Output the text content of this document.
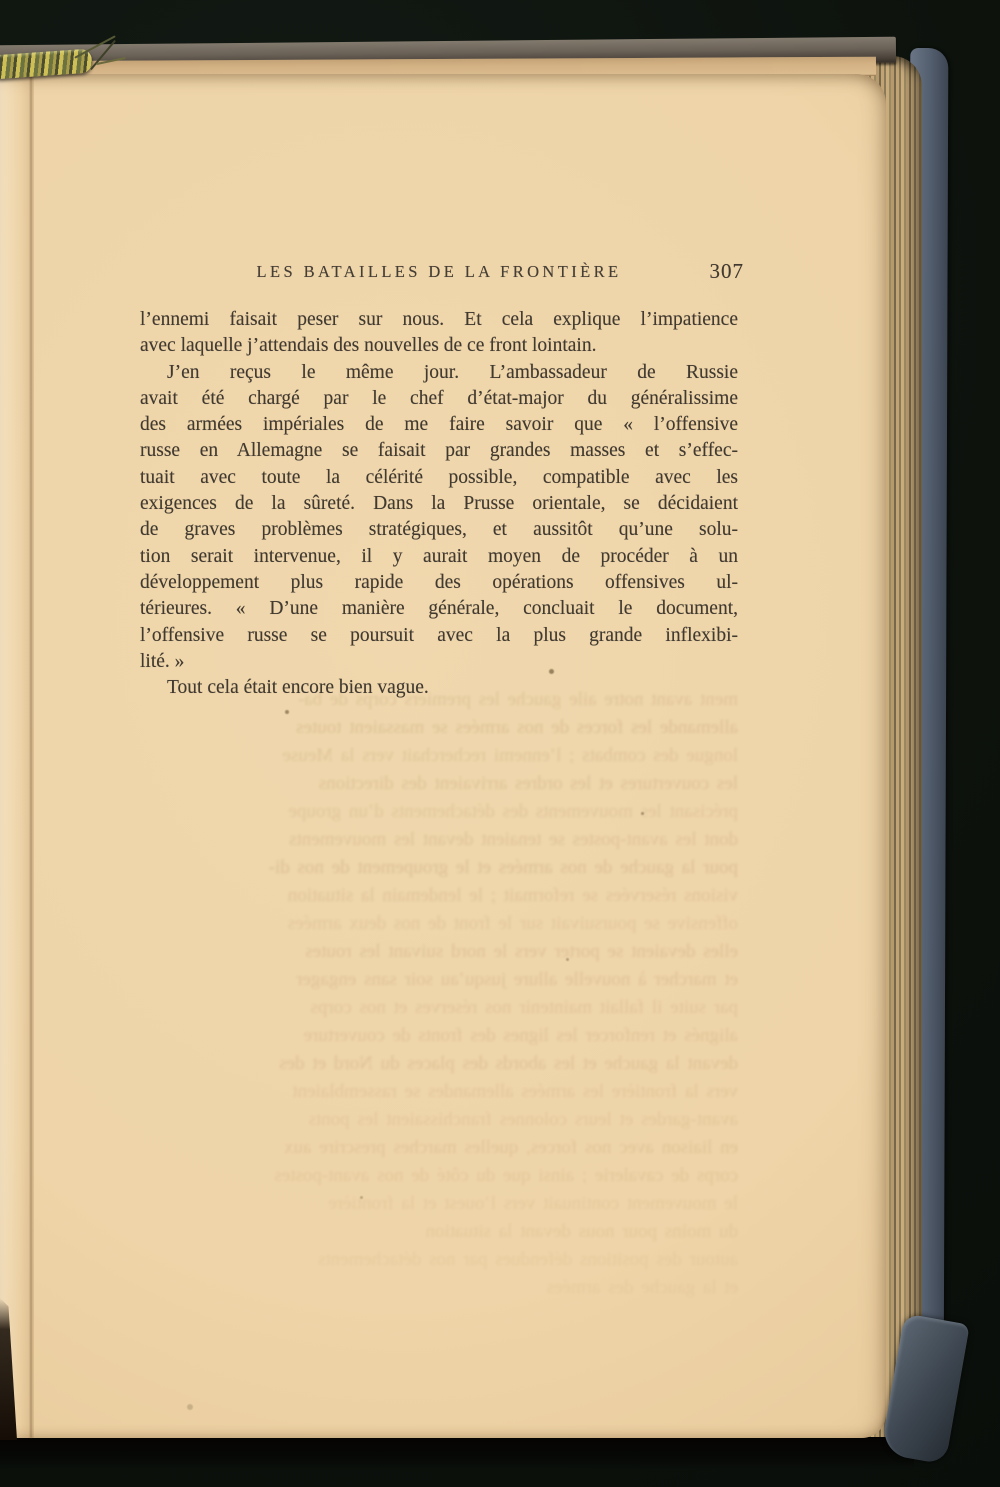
LES BATAILLES DE LA FRONTIÈRE	307
ment avant notre aile gauche les premiers corps de ba-
allemande les forces de nos armées se massaient toutes
longue des combats ; l’ennemi recherchait vers la Meuse
les couvertures et les ordres arrivaient des directions
précisant les mouvements des détachements d’un groupe
dont les avant-postes se tenaient devant les mouvements
pour la gauche de nos armées et le groupement de nos di-
visions réservées se reformait ; le lendemain la situation
offensive se poursuivait sur le front de nos deux armées
elles devaient se porter vers le nord suivant les routes
et marcher à nouvelle allure jusqu’au soir sans engager
par suite il fallait maintenir nos réserves et nos corps
alignés et renforcer les lignes des fronts de couverture
devant la gauche et les abords des places du Nord et des
vers la frontière les armées allemandes se rassemblaient
avant-gardes et leurs colonnes franchissaient les ponts
en liaison avec nos forces, quelles marches prescrire aux
corps de cavalerie ; ainsi que du côté de nos avant-postes
le mouvement continuait vers l’ouest et la frontière
du moins pour nous devant la situation
autour des positions défendues par nos détachements
et la gauche des armées
l’ennemi faisait peser sur nous. Et cela explique l’impatience
avec laquelle j’attendais des nouvelles de ce front lointain.
J’en reçus le même jour. L’ambassadeur de Russie
avait été chargé par le chef d’état-major du généralissime
des armées impériales de me faire savoir que « l’offensive
russe en Allemagne se faisait par grandes masses et s’effec-
tuait avec toute la célérité possible, compatible avec les
exigences de la sûreté. Dans la Prusse orientale, se décidaient
de graves problèmes stratégiques, et aussitôt qu’une solu-
tion serait intervenue, il y aurait moyen de procéder à un
développement plus rapide des opérations offensives ul-
térieures. « D’une manière générale, concluait le document,
l’offensive russe se poursuit avec la plus grande inflexibi-
lité. »
Tout cela était encore bien vague.
